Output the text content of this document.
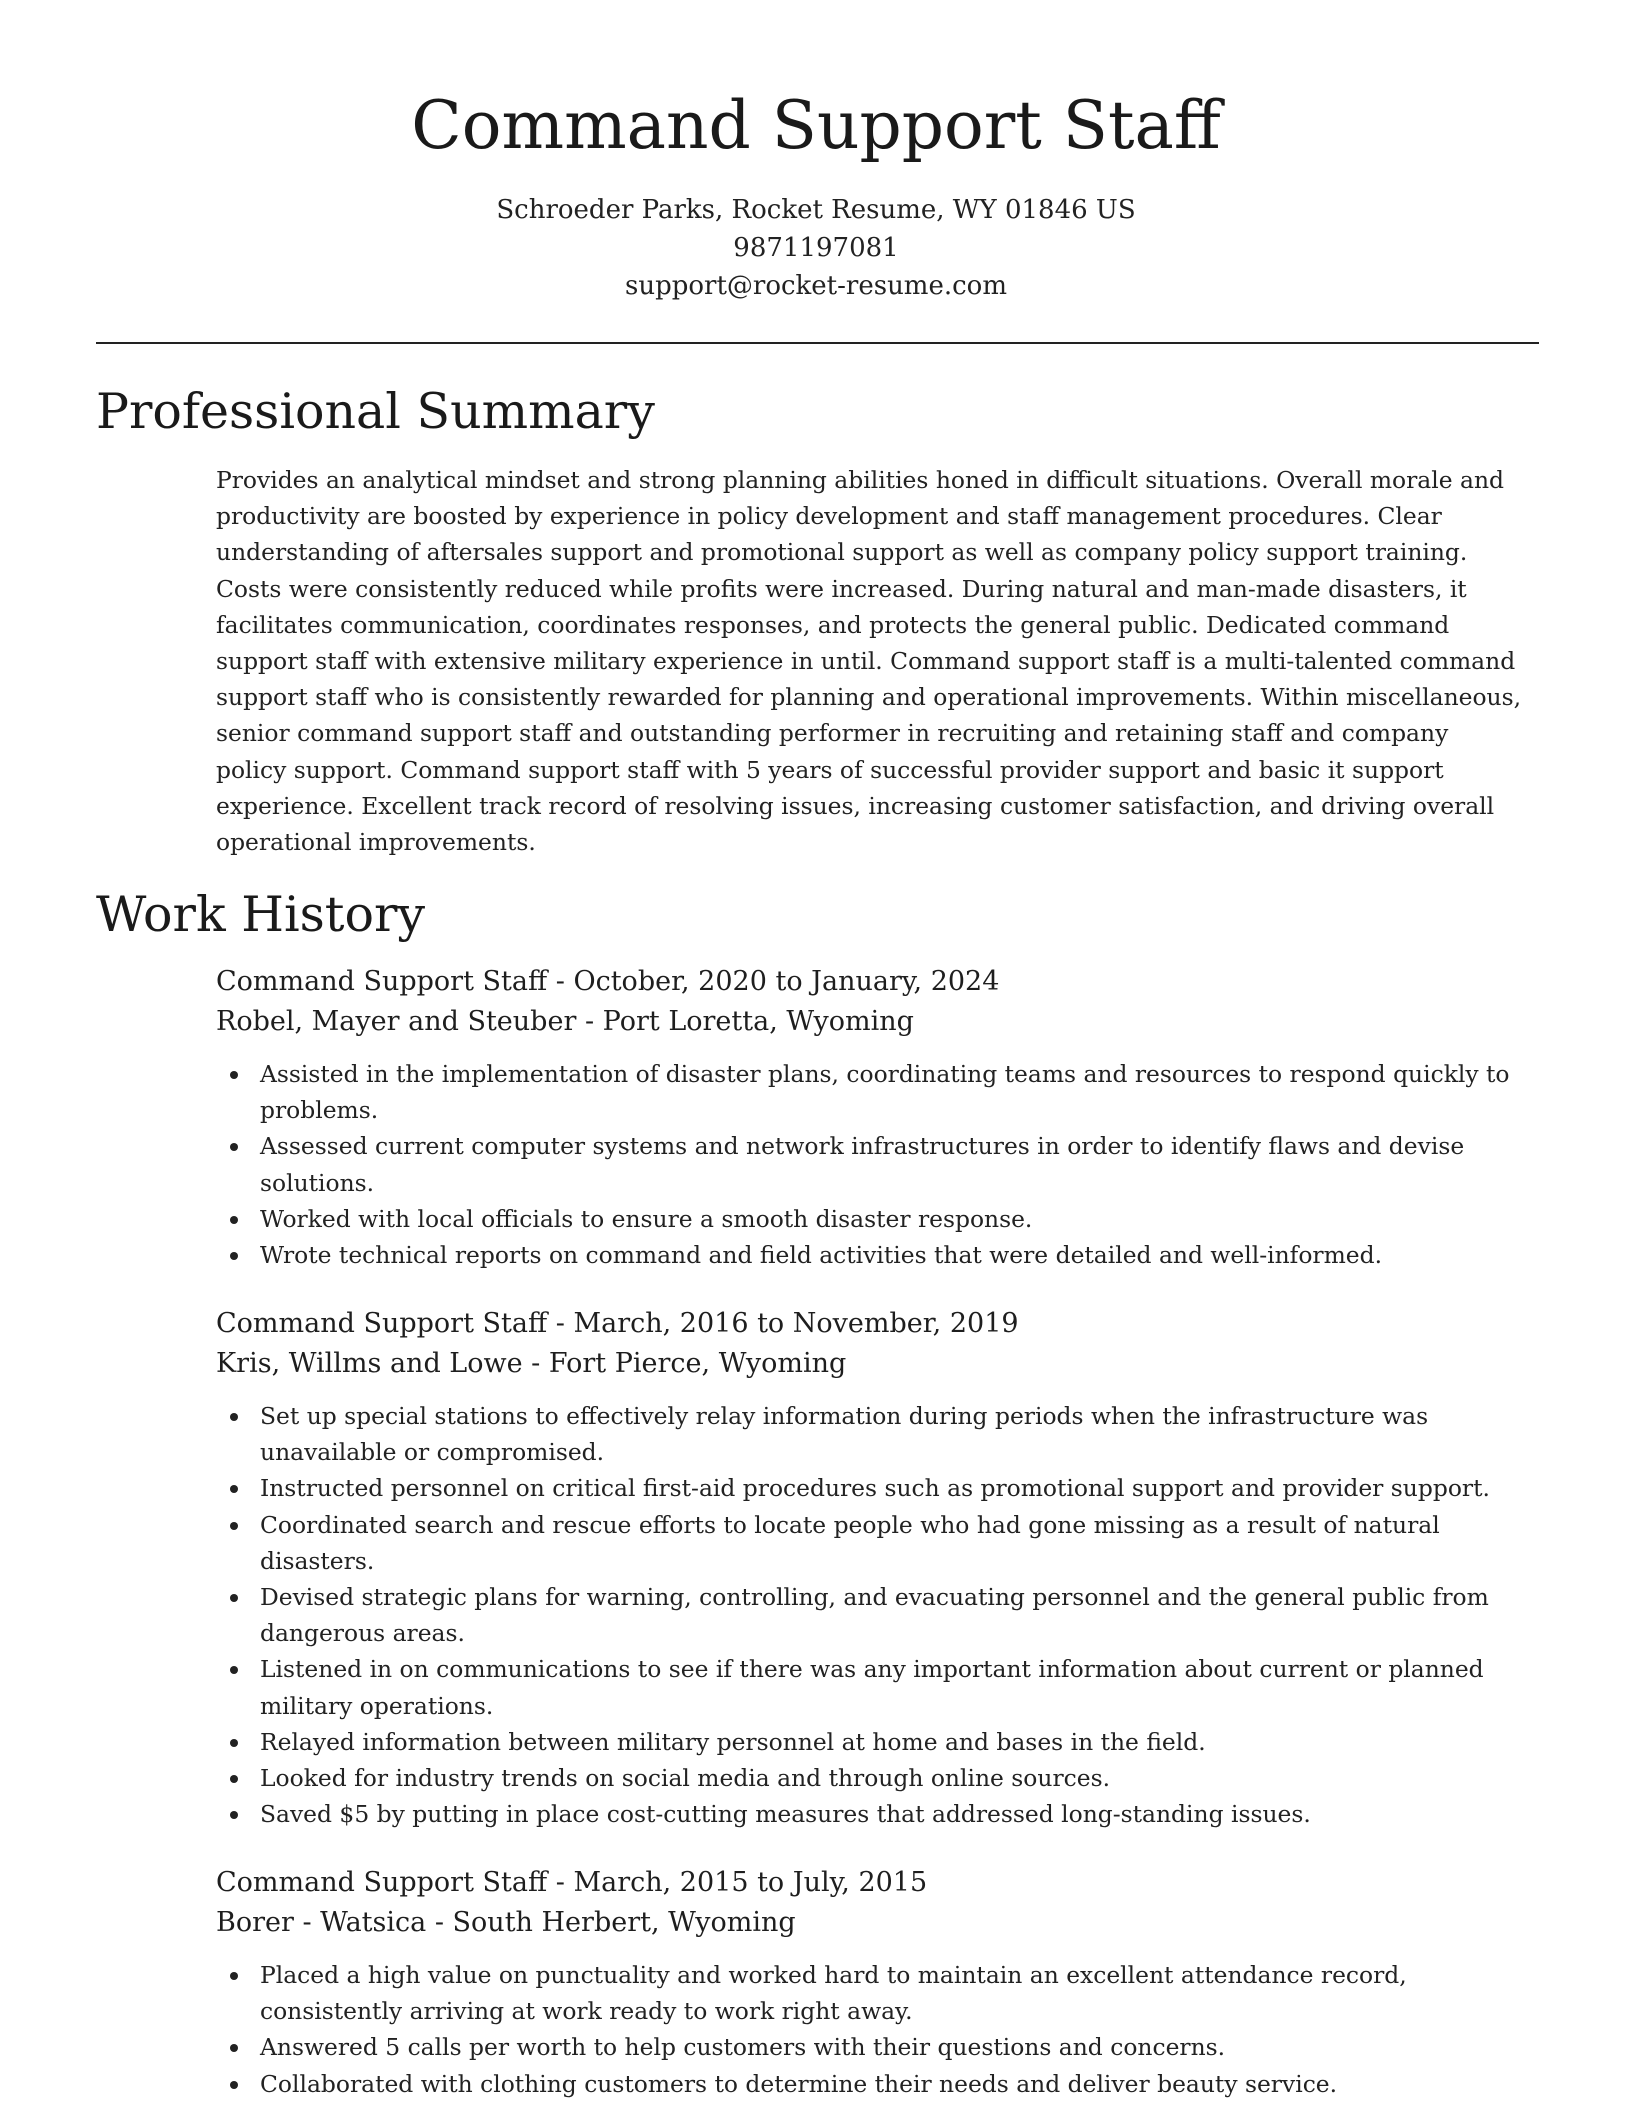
Command Support Staff
Schroeder Parks, Rocket Resume, WY 01846 US
9871197081
support@rocket-resume.com
Professional Summary
Provides an analytical mindset and strong planning abilities honed in difficult situations. Overall morale and
productivity are boosted by experience in policy development and staff management procedures. Clear
understanding of aftersales support and promotional support as well as company policy support training.
Costs were consistently reduced while profits were increased. During natural and man-made disasters, it
facilitates communication, coordinates responses, and protects the general public. Dedicated command
support staff with extensive military experience in until. Command support staff is a multi-talented command
support staff who is consistently rewarded for planning and operational improvements. Within miscellaneous,
senior command support staff and outstanding performer in recruiting and retaining staff and company
policy support. Command support staff with 5 years of successful provider support and basic it support
experience. Excellent track record of resolving issues, increasing customer satisfaction, and driving overall
operational improvements.
Work History
Command Support Staff - October, 2020 to January, 2024
Robel, Mayer and Steuber - Port Loretta, Wyoming
Assisted in the implementation of disaster plans, coordinating teams and resources to respond quickly to
problems.
Assessed current computer systems and network infrastructures in order to identify flaws and devise
solutions.
Worked with local officials to ensure a smooth disaster response.
Wrote technical reports on command and field activities that were detailed and well-informed.
Command Support Staff - March, 2016 to November, 2019
Kris, Willms and Lowe - Fort Pierce, Wyoming
Set up special stations to effectively relay information during periods when the infrastructure was
unavailable or compromised.
Instructed personnel on critical first-aid procedures such as promotional support and provider support.
Coordinated search and rescue efforts to locate people who had gone missing as a result of natural
disasters.
Devised strategic plans for warning, controlling, and evacuating personnel and the general public from
dangerous areas.
Listened in on communications to see if there was any important information about current or planned
military operations.
Relayed information between military personnel at home and bases in the field.
Looked for industry trends on social media and through online sources.
Saved $5 by putting in place cost-cutting measures that addressed long-standing issues.
Command Support Staff - March, 2015 to July, 2015
Borer - Watsica - South Herbert, Wyoming
Placed a high value on punctuality and worked hard to maintain an excellent attendance record,
consistently arriving at work ready to work right away.
Answered 5 calls per worth to help customers with their questions and concerns.
Collaborated with clothing customers to determine their needs and deliver beauty service.
